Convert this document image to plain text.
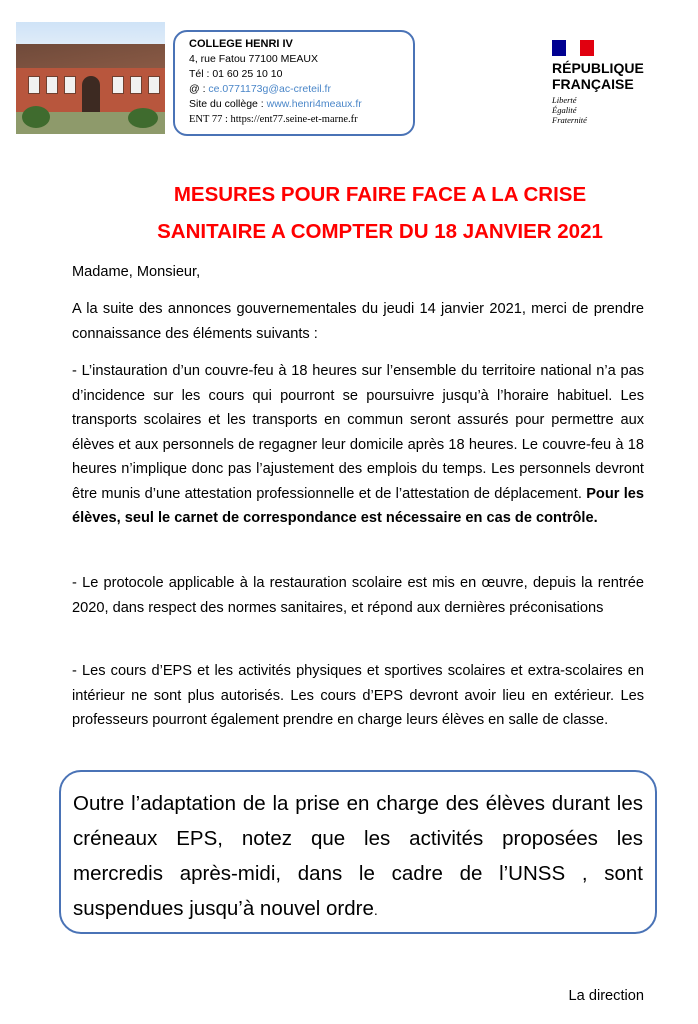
COLLEGE HENRI IV
4, rue Fatou 77100 MEAUX
Tél : 01 60 25 10 10
@ : ce.0771173g@ac-creteil.fr
Site du collège : www.henri4meaux.fr
ENT 77 : https://ent77.seine-et-marne.fr
RÉPUBLIQUE
FRANÇAISE
Liberté
Égalité
Fraternité
MESURES POUR FAIRE FACE A LA CRISE
SANITAIRE A COMPTER DU 18 JANVIER 2021
Madame, Monsieur,
A la suite des annonces gouvernementales du jeudi 14 janvier 2021, merci de prendre connaissance des éléments suivants :
- L’instauration d’un couvre-feu à 18 heures sur l’ensemble du territoire national n’a pas d’incidence sur les cours qui pourront se poursuivre jusqu’à l’horaire habituel. Les transports scolaires et les transports en commun seront assurés pour permettre aux élèves et aux personnels de regagner leur domicile après 18 heures. Le couvre-feu à 18 heures n’implique donc pas l’ajustement des emplois du temps. Les personnels devront être munis d’une attestation professionnelle et de l’attestation de déplacement. Pour les élèves, seul le carnet de correspondance est nécessaire en cas de contrôle.
- Le protocole applicable à la restauration scolaire est mis en œuvre, depuis la rentrée 2020, dans respect des normes sanitaires, et répond aux dernières préconisations
- Les cours d’EPS et les activités physiques et sportives scolaires et extra-scolaires en intérieur ne sont plus autorisés. Les cours d’EPS devront avoir lieu en extérieur. Les professeurs pourront également prendre en charge leurs élèves en salle de classe.
Outre l’adaptation de la prise en charge des élèves durant les créneaux EPS, notez que les activités proposées les mercredis après-midi, dans le cadre de l’UNSS , sont suspendues jusqu’à nouvel ordre.
La direction
